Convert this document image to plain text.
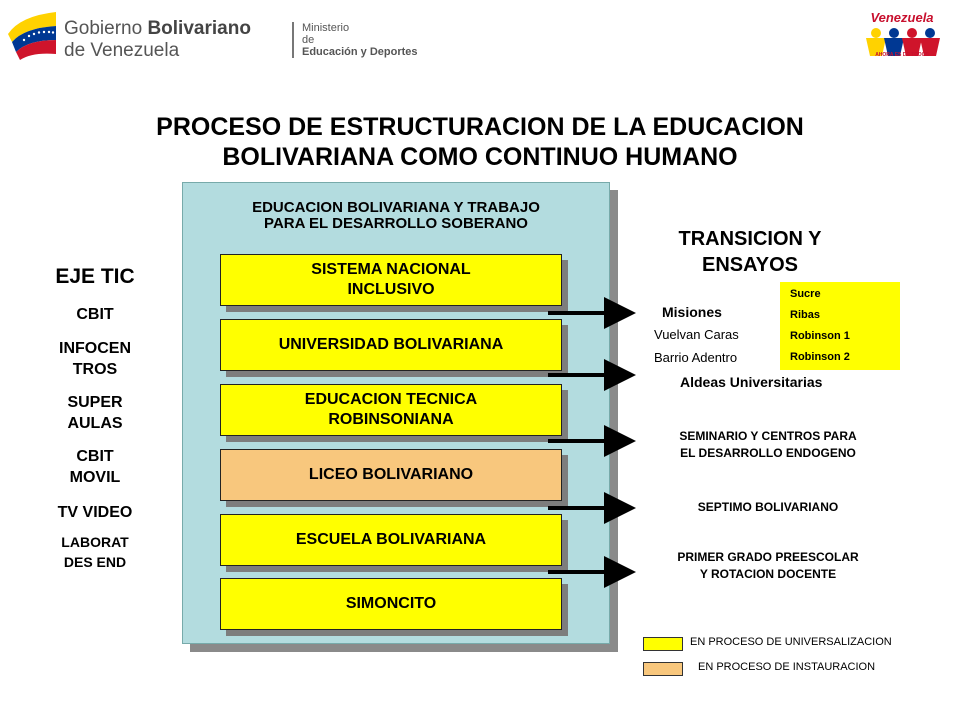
Gobierno Bolivariano
de Venezuela
Ministerio
de
Educación y Deportes
Venezuela
AHORA ES DE TODOS
PROCESO DE ESTRUCTURACION DE LA EDUCACION
BOLIVARIANA COMO CONTINUO HUMANO
EDUCACION BOLIVARIANA Y TRABAJO
PARA EL DESARROLLO SOBERANO
SISTEMA NACIONAL
INCLUSIVO
UNIVERSIDAD BOLIVARIANA
EDUCACION TECNICA
ROBINSONIANA
LICEO BOLIVARIANO
ESCUELA BOLIVARIANA
SIMONCITO
EJE TIC
CBIT
INFOCEN
TROS
SUPER
AULAS
CBIT
MOVIL
TV VIDEO
LABORAT
DES END
TRANSICION Y
ENSAYOS
Sucre
Ribas
Robinson 1
Robinson 2
Misiones
Vuelvan Caras
Barrio Adentro
Aldeas Universitarias
SEMINARIO Y CENTROS PARA
EL DESARROLLO ENDOGENO
SEPTIMO BOLIVARIANO
PRIMER GRADO PREESCOLAR
Y ROTACION DOCENTE
EN PROCESO DE UNIVERSALIZACION
EN PROCESO DE INSTAURACION
